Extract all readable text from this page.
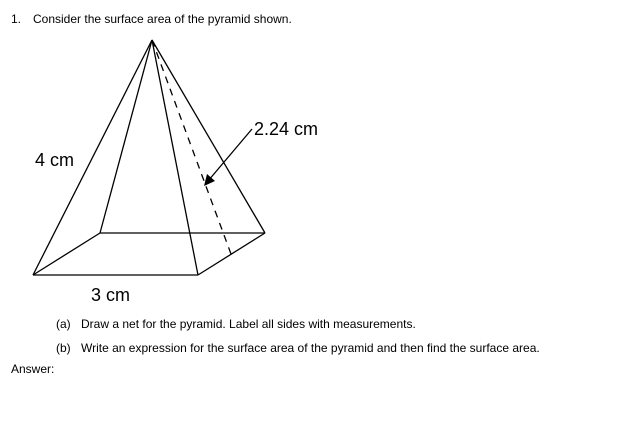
1. Consider the surface area of the pyramid shown.
2.24 cm
4 cm
3 cm
(a) Draw a net for the pyramid. Label all sides with measurements.
(b) Write an expression for the surface area of the pyramid and then find the surface area.
Answer:
